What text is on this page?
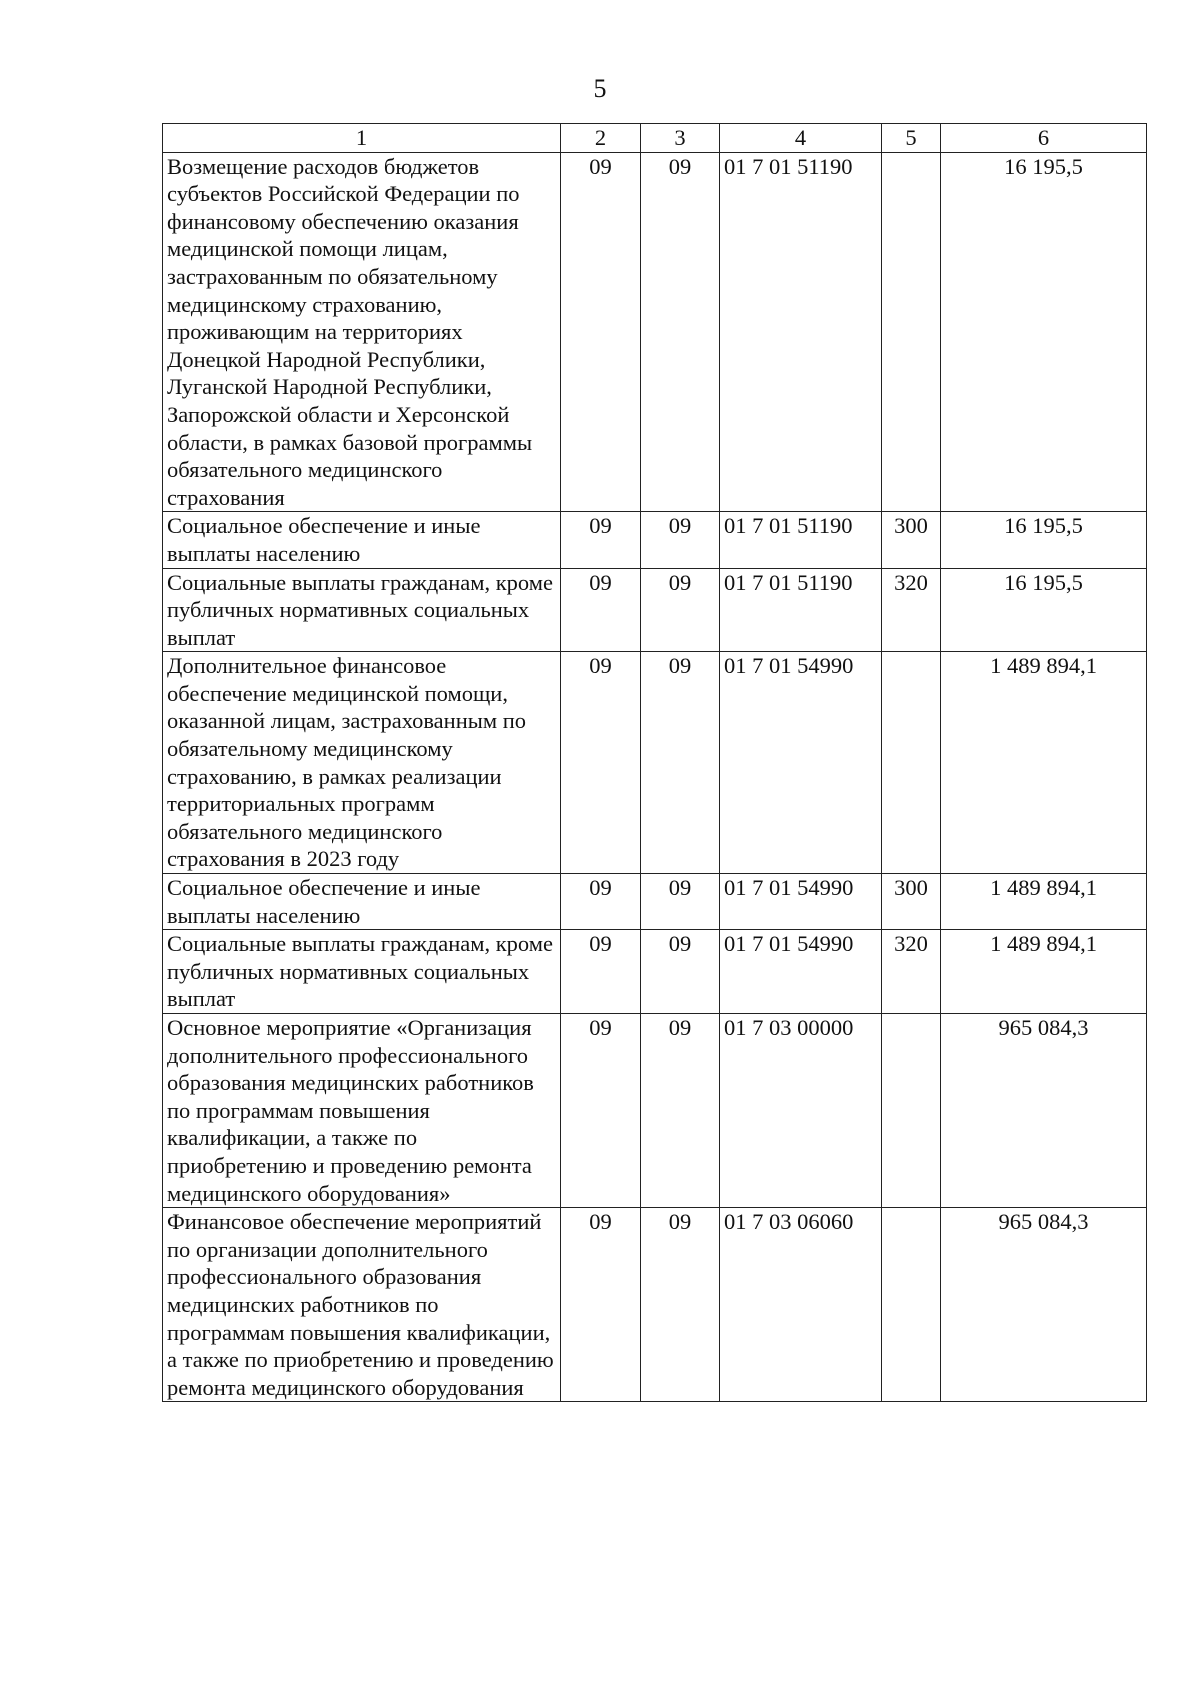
5
1	2	3	4	5	6
Возмещение расходов бюджетов субъектов Российской Федерации по финансовому обеспечению оказания медицинской помощи лицам, застрахованным по обязательному медицинскому страхованию, проживающим на территориях Донецкой Народной Республики, Луганской Народной Республики, Запорожской области и Херсонской области, в рамках базовой программы обязательного медицинского страхования	09	09	01 7 01 51190		16 195,5
Социальное обеспечение и иные выплаты населению	09	09	01 7 01 51190	300	16 195,5
Социальные выплаты гражданам, кроме публичных нормативных социальных выплат	09	09	01 7 01 51190	320	16 195,5
Дополнительное финансовое обеспечение медицинской помощи, оказанной лицам, застрахованным по обязательному медицинскому страхованию, в рамках реализации территориальных программ обязательного медицинского страхования в 2023 году	09	09	01 7 01 54990		1 489 894,1
Социальное обеспечение и иные выплаты населению	09	09	01 7 01 54990	300	1 489 894,1
Социальные выплаты гражданам, кроме публичных нормативных социальных выплат	09	09	01 7 01 54990	320	1 489 894,1
Основное мероприятие «Организация дополнительного профессионального образования медицинских работников по программам повышения квалификации, а также по приобретению и проведению ремонта медицинского оборудования»	09	09	01 7 03 00000		965 084,3
Финансовое обеспечение мероприятий по организации дополнительного профессионального образования медицинских работников по программам повышения квалификации, а также по приобретению и проведению ремонта медицинского оборудования	09	09	01 7 03 06060		965 084,3
